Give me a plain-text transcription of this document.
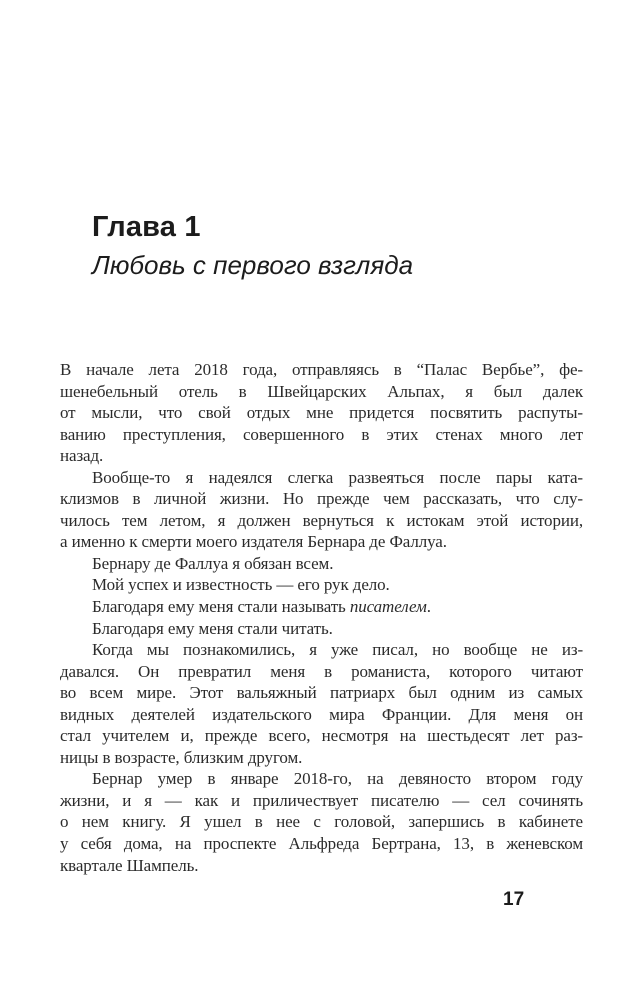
Глава 1
Любовь с первого взгляда
В начале лета 2018 года, отправляясь в “Палас Вербье”, фе-
шенебельный отель в Швейцарских Альпах, я был далек
от мысли, что свой отдых мне придется посвятить распуты-
ванию преступления, совершенного в этих стенах много лет
назад.
Вообще-то я надеялся слегка развеяться после пары ката-
клизмов в личной жизни. Но прежде чем рассказать, что слу-
чилось тем летом, я должен вернуться к истокам этой истории,
а именно к смерти моего издателя Бернара де Фаллуа.
Бернару де Фаллуа я обязан всем.
Мой успех и известность — его рук дело.
Благодаря ему меня стали называть писателем.
Благодаря ему меня стали читать.
Когда мы познакомились, я уже писал, но вообще не из-
давался. Он превратил меня в романиста, которого читают
во всем мире. Этот вальяжный патриарх был одним из самых
видных деятелей издательского мира Франции. Для меня он
стал учителем и, прежде всего, несмотря на шестьдесят лет раз-
ницы в возрасте, близким другом.
Бернар умер в январе 2018-го, на девяносто втором году
жизни, и я — как и приличествует писателю — сел сочинять
о нем книгу. Я ушел в нее с головой, запершись в кабинете
у себя дома, на проспекте Альфреда Бертрана, 13, в женевском
квартале Шампель.
17
